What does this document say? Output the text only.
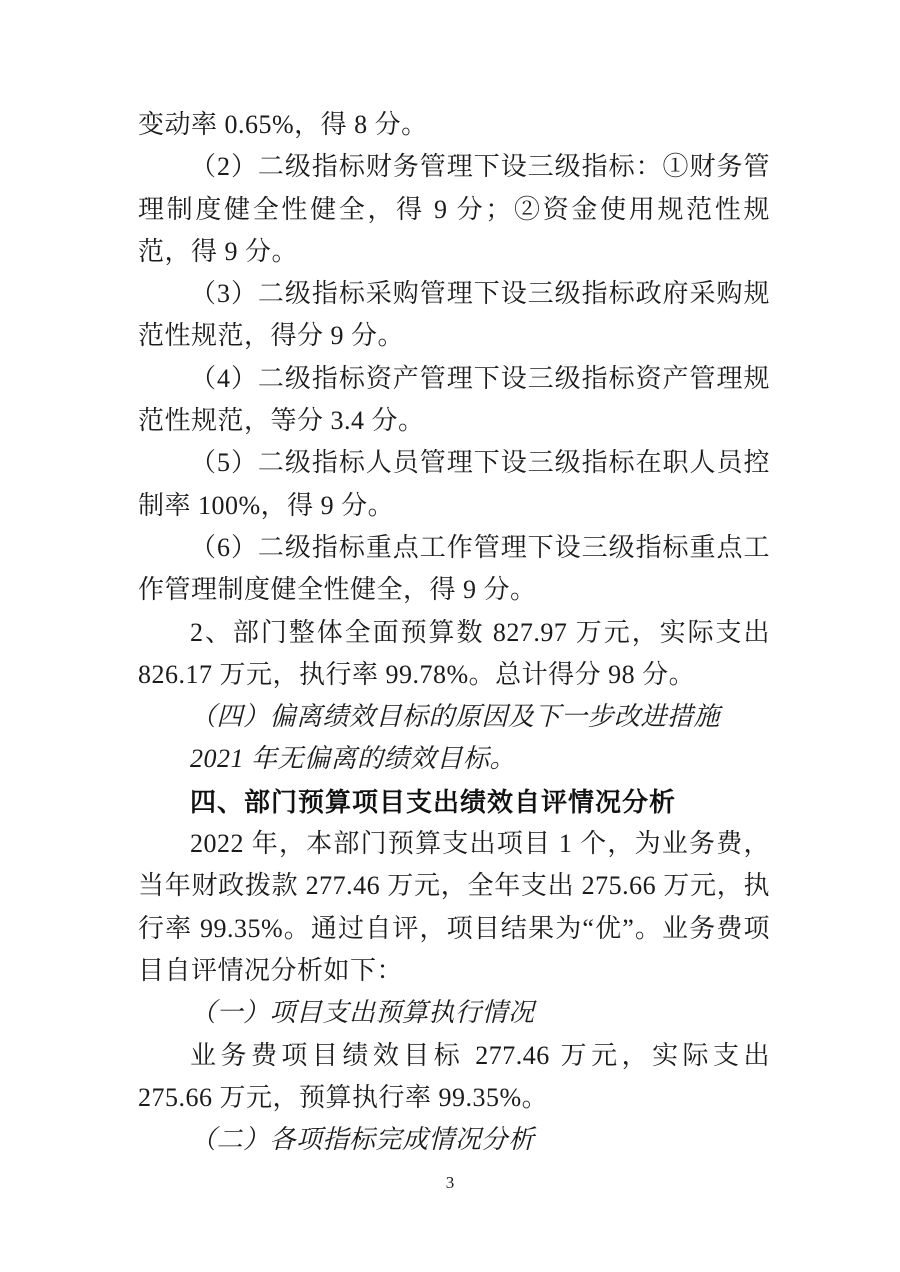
变动率 0.65%，得 8 分。

（2）二级指标财务管理下设三级指标：①财务管理制度健全性健全，得 9 分；②资金使用规范性规范，得 9 分。

（3）二级指标采购管理下设三级指标政府采购规范性规范，得分 9 分。

（4）二级指标资产管理下设三级指标资产管理规范性规范，等分 3.4 分。

（5）二级指标人员管理下设三级指标在职人员控制率 100%，得 9 分。

（6）二级指标重点工作管理下设三级指标重点工作管理制度健全性健全，得 9 分。

2、部门整体全面预算数 827.97 万元，实际支出 826.17 万元，执行率 99.78%。总计得分 98 分。

（四）偏离绩效目标的原因及下一步改进措施

2021 年无偏离的绩效目标。

四、部门预算项目支出绩效自评情况分析

2022 年，本部门预算支出项目 1 个，为业务费，当年财政拨款 277.46 万元，全年支出 275.66 万元，执行率 99.35%。通过自评，项目结果为“优”。业务费项目自评情况分析如下：

（一）项目支出预算执行情况

业务费项目绩效目标 277.46 万元，实际支出 275.66 万元，预算执行率 99.35%。

（二）各项指标完成情况分析

3
